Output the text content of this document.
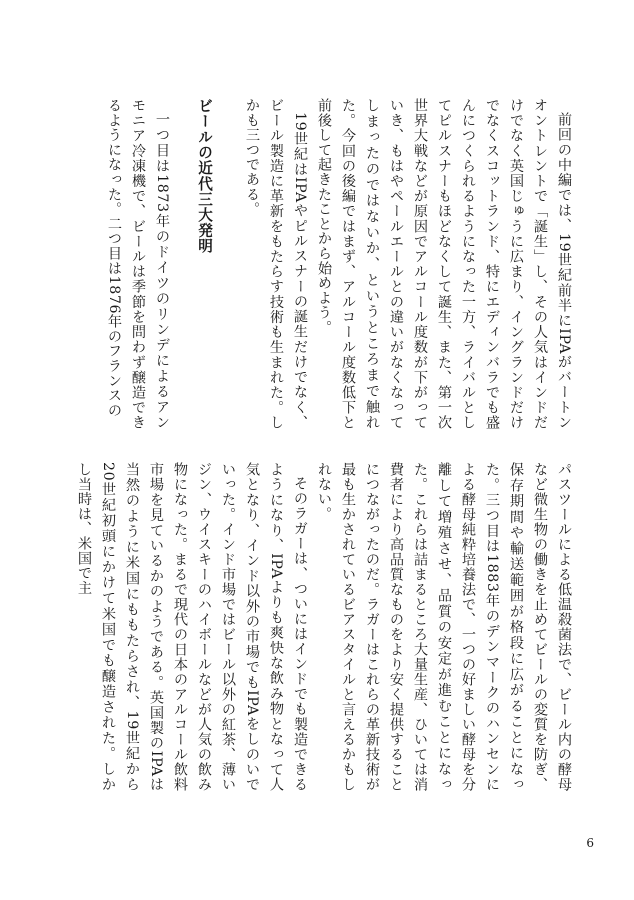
前回の中編では、19世紀前半にIPAがバートンオントレントで「誕生」し、その人気はインドだけでなく英国じゅうに広まり、イングランドだけでなくスコットランド、特にエディンバラでも盛んにつくられるようになった一方、ライバルとしてピルスナーもほどなくして誕生、また、第一次世界大戦などが原因でアルコール度数が下がっていき、もはやペールエールとの違いがなくなってしまったのではないか、というところまで触れた。今回の後編ではまず、アルコール度数低下と前後して起きたことから始めよう。

19世紀はIPAやピルスナーの誕生だけでなく、ビール製造に革新をもたらす技術も生まれた。しかも三つである。

ビールの近代三大発明

一つ目は1873年のドイツのリンデによるアンモニア冷凍機で、ビールは季節を問わず醸造できるようになった。二つ目は1876年のフランスの

パスツールによる低温殺菌法で、ビール内の酵母など微生物の働きを止めてビールの変質を防ぎ、保存期間や輸送範囲が格段に広がることになった。三つ目は1883年のデンマークのハンセンによる酵母純粋培養法で、一つの好ましい酵母を分離して増殖させ、品質の安定が進むことになった。これらは詰まるところ大量生産、ひいては消費者により高品質なものをより安く提供することにつながったのだ。ラガーはこれらの革新技術が最も生かされているビアスタイルと言えるかもしれない。

そのラガーは、ついにはインドでも製造できるようになり、IPAよりも爽快な飲み物となって人気となり、インド以外の市場でもIPAをしのいでいった。インド市場ではビール以外の紅茶、薄いジン、ウイスキーのハイボールなどが人気の飲み物になった。まるで現代の日本のアルコール飲料市場を見ているかのようである。英国製のIPAは当然のように米国にももたらされ、19世紀から20世紀初頭にかけて米国でも醸造された。しかし当時は、米国で主

6
